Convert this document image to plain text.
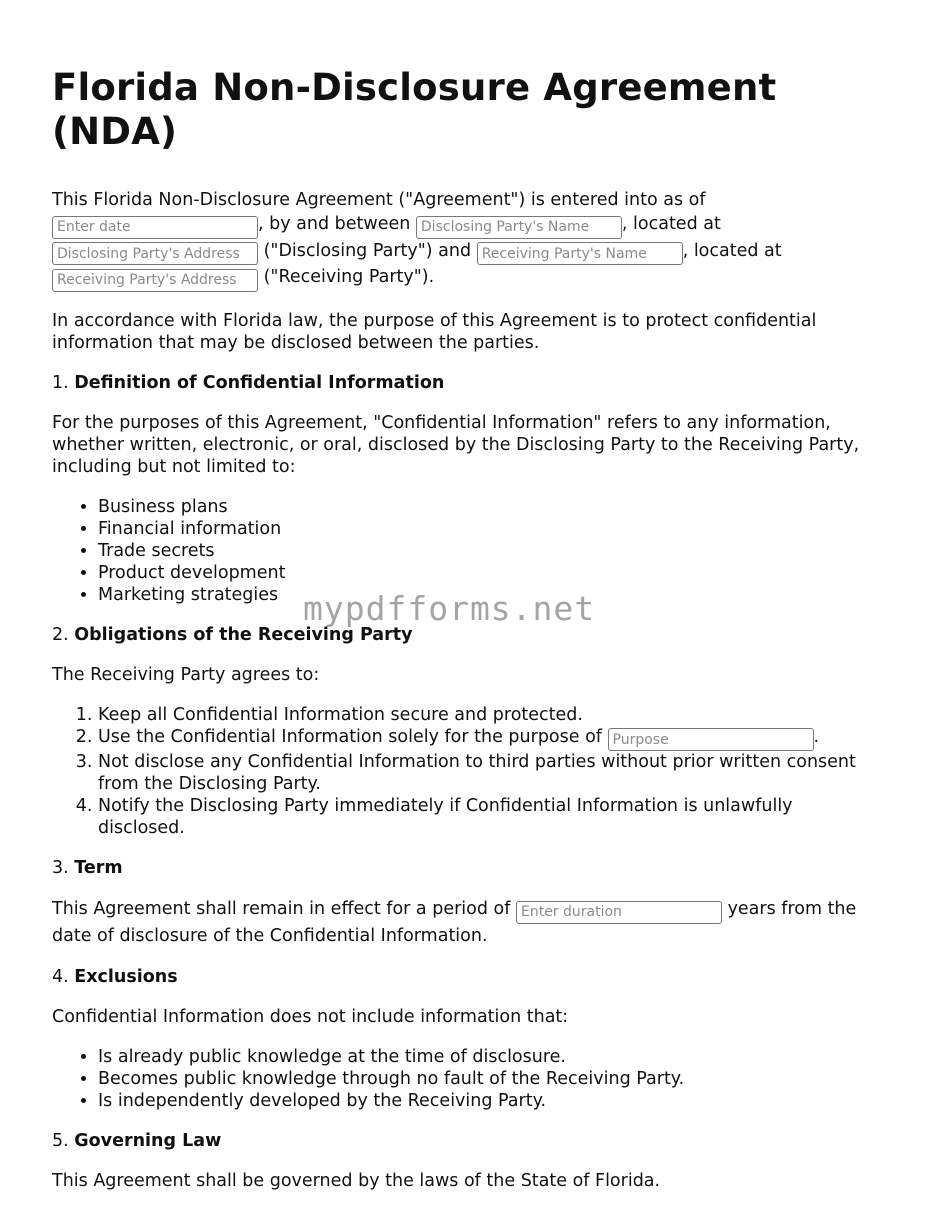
Florida Non-Disclosure Agreement (NDA)

This Florida Non-Disclosure Agreement ("Agreement") is entered into as of
Enter date, by and between Disclosing Party's Name	, located at
Disclosing Party's Address ("Disclosing Party") and Receiving Party's Name	, located at
Receiving Party's Address ("Receiving Party").

In accordance with Florida law, the purpose of this Agreement is to protect confidential information that may be disclosed between the parties.

1. Definition of Confidential Information

For the purposes of this Agreement, "Confidential Information" refers to any information, whether written, electronic, or oral, disclosed by the Disclosing Party to the Receiving Party, including but not limited to:

• Business plans
• Financial information
• Trade secrets
• Product development
• Marketing strategies

2. Obligations of the Receiving Party

The Receiving Party agrees to:

1. Keep all Confidential Information secure and protected.
2. Use the Confidential Information solely for the purpose of Purpose	.
3. Not disclose any Confidential Information to third parties without prior written consent from the Disclosing Party.
4. Notify the Disclosing Party immediately if Confidential Information is unlawfully disclosed.

3. Term

This Agreement shall remain in effect for a period of Enter duration	years from the date of disclosure of the Confidential Information.

4. Exclusions

Confidential Information does not include information that:

• Is already public knowledge at the time of disclosure.
• Becomes public knowledge through no fault of the Receiving Party.
• Is independently developed by the Receiving Party.

5. Governing Law

This Agreement shall be governed by the laws of the State of Florida.

mypdfforms.net
